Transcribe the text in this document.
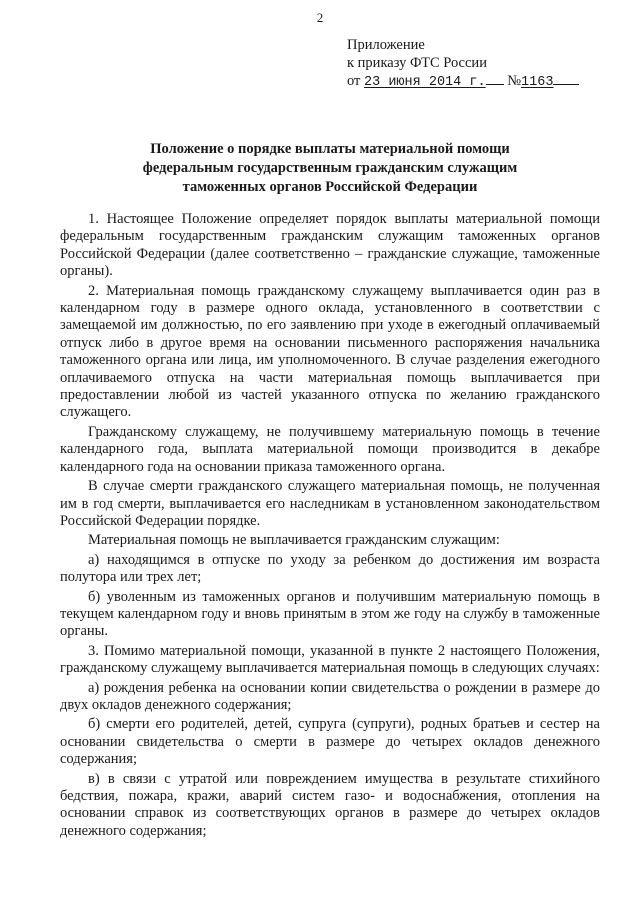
2
Приложение
к приказу ФТС России
от 23 июня 2014 г. №1163
Положение о порядке выплаты материальной помощи
федеральным государственным гражданским служащим
таможенных органов Российской Федерации

1. Настоящее Положение определяет порядок выплаты материальной помощи федеральным государственным гражданским служащим таможенных органов Российской Федерации (далее соответственно – гражданские служащие, таможенные органы).

2. Материальная помощь гражданскому служащему выплачивается один раз в календарном году в размере одного оклада, установленного в соответствии с замещаемой им должностью, по его заявлению при уходе в ежегодный оплачиваемый отпуск либо в другое время на основании письменного распоряжения начальника таможенного органа или лица, им уполномоченного. В случае разделения ежегодного оплачиваемого отпуска на части материальная помощь выплачивается при предоставлении любой из частей указанного отпуска по желанию гражданского служащего.

Гражданскому служащему, не получившему материальную помощь в течение календарного года, выплата материальной помощи производится в декабре календарного года на основании приказа таможенного органа.

В случае смерти гражданского служащего материальная помощь, не полученная им в год смерти, выплачивается его наследникам в установленном законодательством Российской Федерации порядке.

Материальная помощь не выплачивается гражданским служащим:

а) находящимся в отпуске по уходу за ребенком до достижения им возраста полутора или трех лет;

б) уволенным из таможенных органов и получившим материальную помощь в текущем календарном году и вновь принятым в этом же году на службу в таможенные органы.

3. Помимо материальной помощи, указанной в пункте 2 настоящего Положения, гражданскому служащему выплачивается материальная помощь в следующих случаях:

а) рождения ребенка на основании копии свидетельства о рождении в размере до двух окладов денежного содержания;

б) смерти его родителей, детей, супруга (супруги), родных братьев и сестер на основании свидетельства о смерти в размере до четырех окладов денежного содержания;

в) в связи с утратой или повреждением имущества в результате стихийного бедствия, пожара, кражи, аварий систем газо- и водоснабжения, отопления на основании справок из соответствующих органов в размере до четырех окладов денежного содержания;
